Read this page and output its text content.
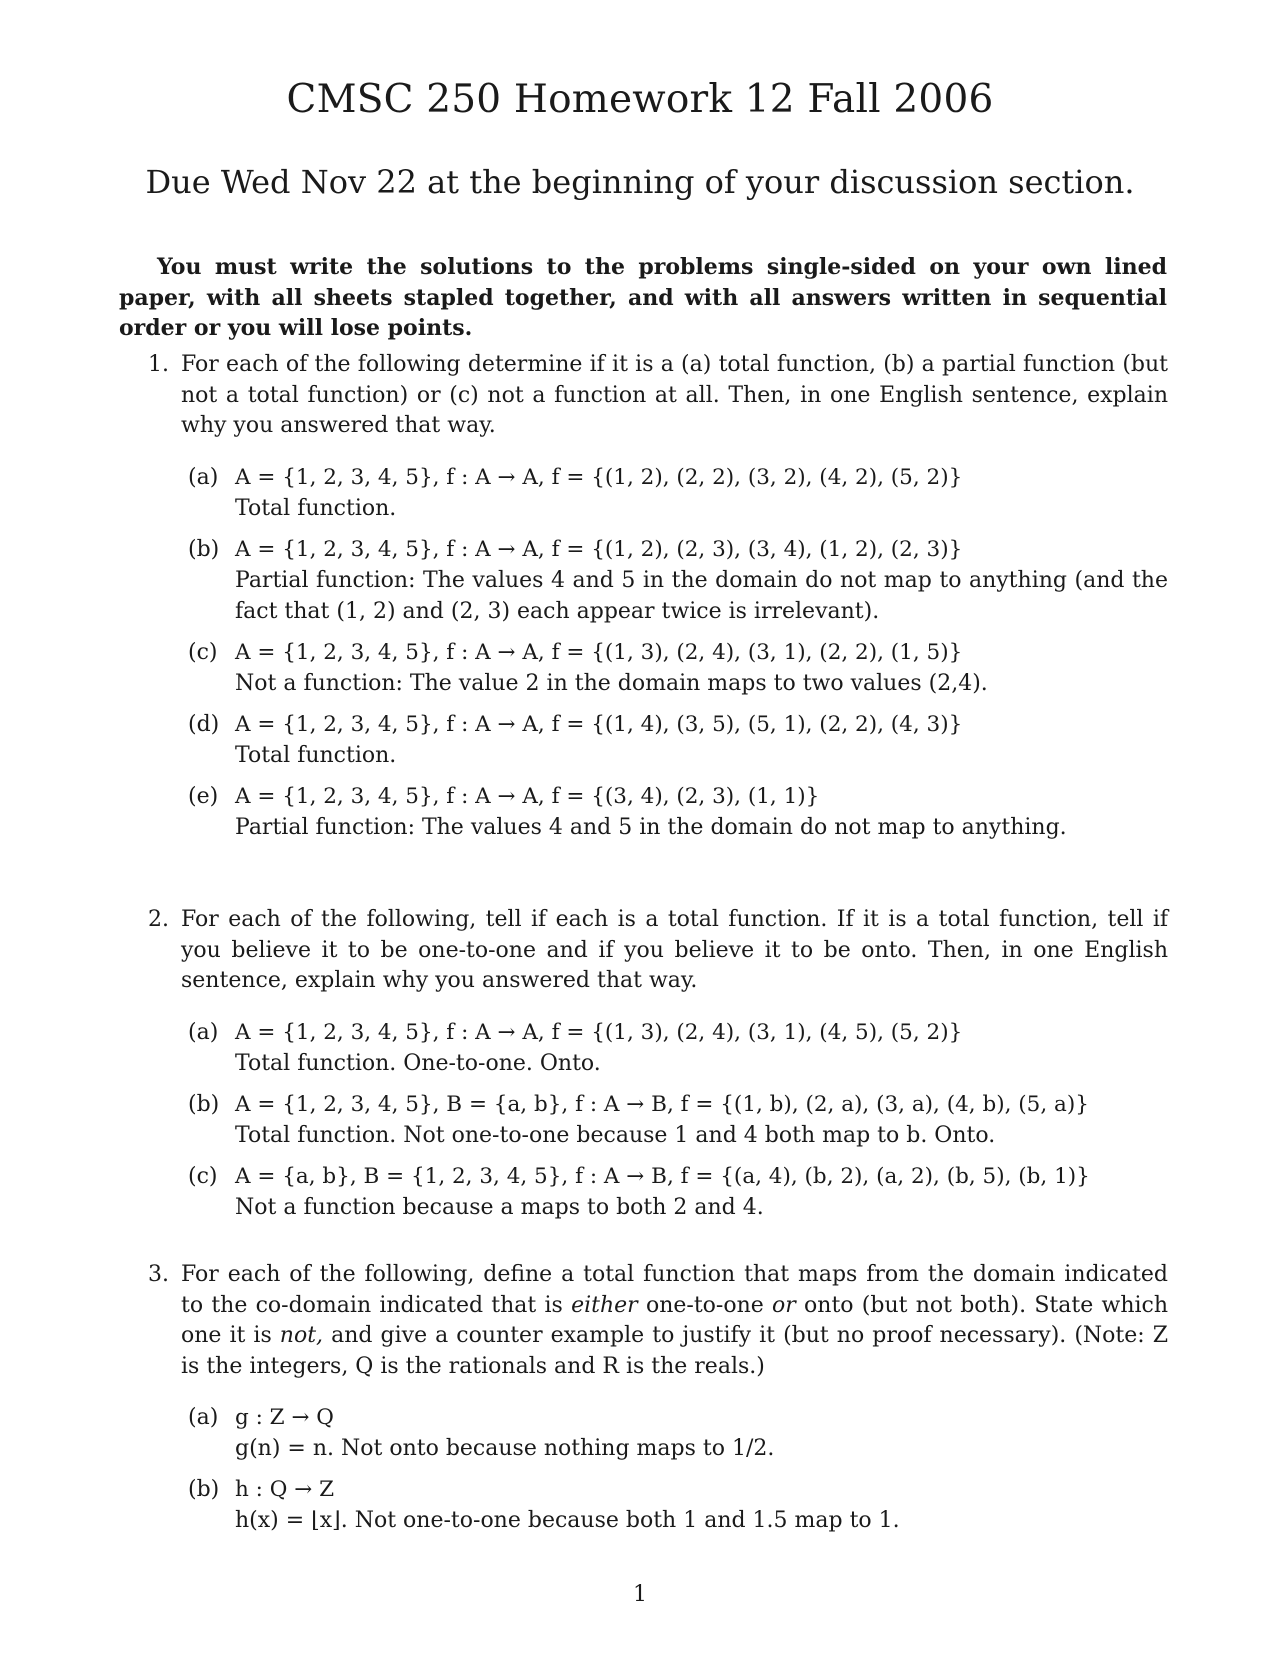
CMSC 250 Homework 12 Fall 2006
Due Wed Nov 22 at the beginning of your discussion section.
You must write the solutions to the problems single-sided on your own lined paper, with all sheets stapled together, and with all answers written in sequential order or you will lose points.
1. For each of the following determine if it is a (a) total function, (b) a partial function (but not a total function) or (c) not a function at all. Then, in one English sentence, explain why you answered that way.
(a) A = {1, 2, 3, 4, 5}, f : A → A, f = {(1, 2), (2, 2), (3, 2), (4, 2), (5, 2)}
Total function.
(b) A = {1, 2, 3, 4, 5}, f : A → A, f = {(1, 2), (2, 3), (3, 4), (1, 2), (2, 3)}
Partial function: The values 4 and 5 in the domain do not map to anything (and the fact that (1, 2) and (2, 3) each appear twice is irrelevant).
(c) A = {1, 2, 3, 4, 5}, f : A → A, f = {(1, 3), (2, 4), (3, 1), (2, 2), (1, 5)}
Not a function: The value 2 in the domain maps to two values (2,4).
(d) A = {1, 2, 3, 4, 5}, f : A → A, f = {(1, 4), (3, 5), (5, 1), (2, 2), (4, 3)}
Total function.
(e) A = {1, 2, 3, 4, 5}, f : A → A, f = {(3, 4), (2, 3), (1, 1)}
Partial function: The values 4 and 5 in the domain do not map to anything.
2. For each of the following, tell if each is a total function. If it is a total function, tell if you believe it to be one-to-one and if you believe it to be onto. Then, in one English sentence, explain why you answered that way.
(a) A = {1, 2, 3, 4, 5}, f : A → A, f = {(1, 3), (2, 4), (3, 1), (4, 5), (5, 2)}
Total function. One-to-one. Onto.
(b) A = {1, 2, 3, 4, 5}, B = {a, b}, f : A → B, f = {(1, b), (2, a), (3, a), (4, b), (5, a)}
Total function. Not one-to-one because 1 and 4 both map to b. Onto.
(c) A = {a, b}, B = {1, 2, 3, 4, 5}, f : A → B, f = {(a, 4), (b, 2), (a, 2), (b, 5), (b, 1)}
Not a function because a maps to both 2 and 4.
3. For each of the following, define a total function that maps from the domain indicated to the co-domain indicated that is either one-to-one or onto (but not both). State which one it is not, and give a counter example to justify it (but no proof necessary). (Note: Z is the integers, Q is the rationals and R is the reals.)
(a) g : Z → Q
g(n) = n. Not onto because nothing maps to 1/2.
(b) h : Q → Z
h(x) = ⌊x⌋. Not one-to-one because both 1 and 1.5 map to 1.
1
